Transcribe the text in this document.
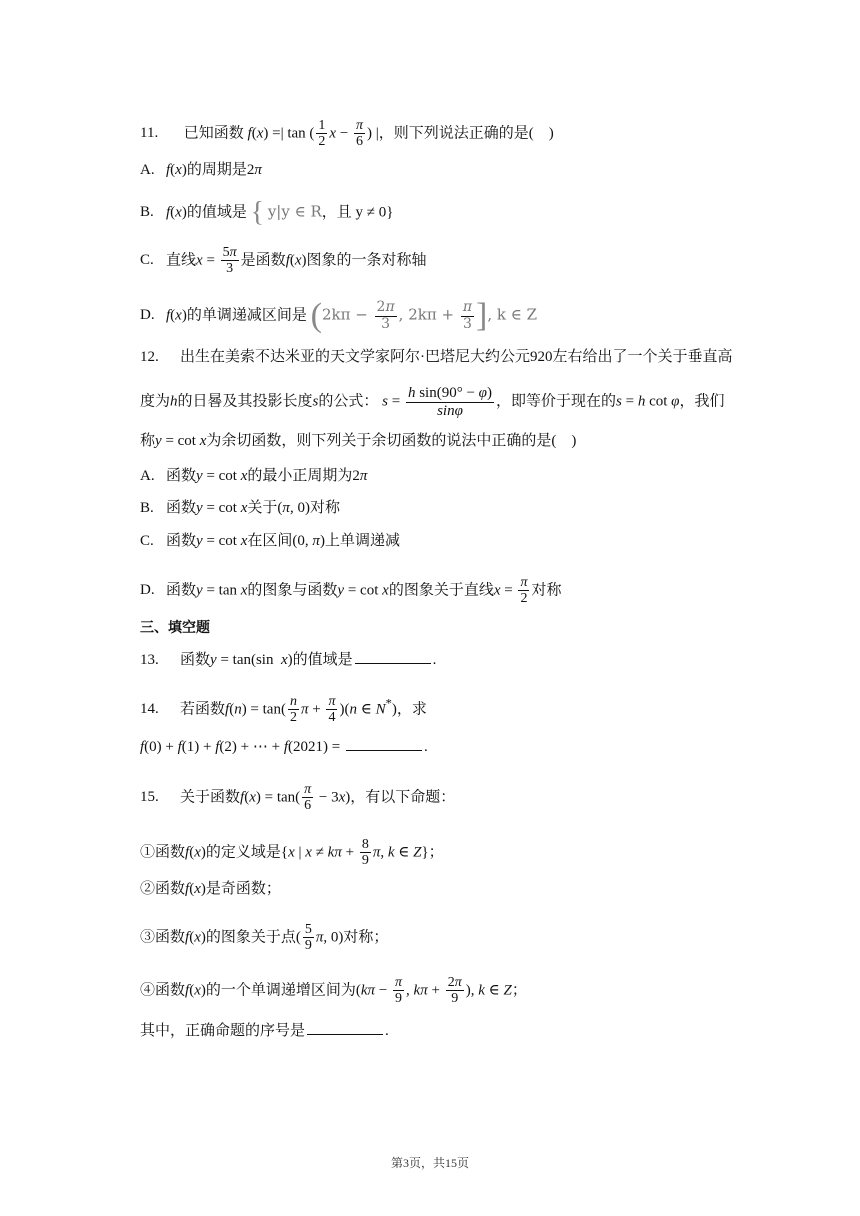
11. 已知函数 f(x) =| tan ( $\frac{1}{2}$ $x - \frac{\pi}{6}$ ) |，则下列说法正确的是(　)
A. f(x)的周期是2π
B. f(x)的值域是 { y|y ∈ R，且 y ≠ 0}
C. 直线$x = \frac{5\pi}{3}$ 是函数f(x)图象的一条对称轴
D. f(x)的单调递减区间是 ($2k\pi - \frac{2\pi}{3}$ , $2k\pi + \frac{\pi}{3}$ ], k ∈ Z
12. 出生在美索不达米亚的天文学家阿尔·巴塔尼大约公元920左右给出了一个关于垂直高
度为h的日晷及其投影长度s的公式： $s = \frac{\text{h sin(90° − φ)}}{\sin\varphi}$ ，即等价于现在的s = h cot φ，我们
称y = cot x为余切函数，则下列关于余切函数的说法中正确的是(　)
A. 函数y = cot x的最小正周期为2π
B. 函数y = cot x关于(π, 0)对称
C. 函数y = cot x在区间(0, π)上单调递减
D. 函数y = tan x的图象与函数y = cot x的图象关于直线$x = \frac{\pi}{2}$ 对称
三、填空题
13. 函数y = tan(sin  x)的值域是	.
14. 若函数$f(n) = \tan( \frac{n}{2}$ $\pi + \frac{\pi}{4} )(n$ ∈ N*)，求
f(0) + f(1) + f(2) + ⋯ + f(2021) =	.
15. 关于函数$f(x) = \tan( \frac{\pi}{6} - 3x)$，有以下命题：
①函数f(x)的定义域是{x | $x \ne k\pi + \frac{8}{9} \pi$, k ∈ Z}；
②函数f(x)是奇函数；
③函数f(x)的图象关于点( $\frac{5}{9} \pi$, 0)对称；
④函数f(x)的一个单调递增区间为($k\pi - \frac{\pi}{9}$ , $k\pi + \frac{2\pi}{9}$ ), k ∈ Z；
其中，正确命题的序号是	.
第3页，共15页
